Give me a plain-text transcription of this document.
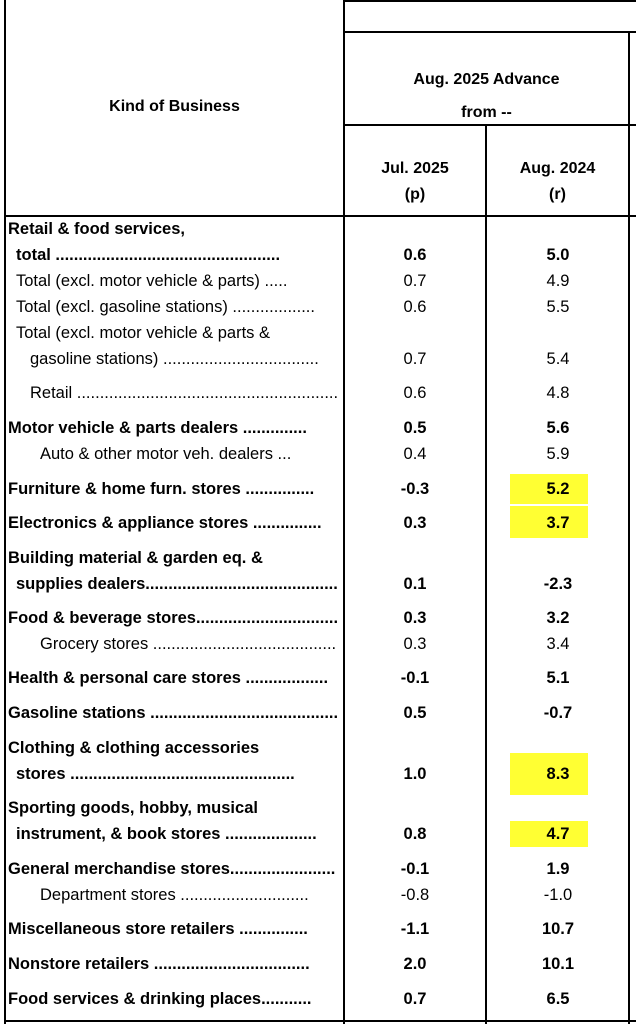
Kind of Business
Aug. 2025 Advance
from --
Jul. 2025
(p)
Aug. 2024
(r)
Retail & food services,
total .................................................	0.6	5.0
Total (excl. motor vehicle & parts) .....	0.7	4.9
Total (excl. gasoline stations) ..................	0.6	5.5
Total (excl. motor vehicle & parts &
gasoline stations) ..................................	0.7	5.4
Retail .........................................................	0.6	4.8
Motor vehicle & parts dealers ..............	0.5	5.6
Auto & other motor veh. dealers ...	0.4	5.9
Furniture & home furn. stores ...............	-0.3	5.2
Electronics & appliance stores ...............	0.3	3.7
Building material & garden eq. &
supplies dealers..........................................	0.1	-2.3
Food & beverage stores...............................	0.3	3.2
Grocery stores ........................................	0.3	3.4
Health & personal care stores ..................	-0.1	5.1
Gasoline stations .........................................	0.5	-0.7
Clothing & clothing accessories
stores .................................................	1.0	8.3
Sporting goods, hobby, musical
instrument, & book stores ....................	0.8	4.7
General merchandise stores.......................	-0.1	1.9
Department stores ............................	-0.8	-1.0
Miscellaneous store retailers ...............	-1.1	10.7
Nonstore retailers ..................................	2.0	10.1
Food services & drinking places...........	0.7	6.5
